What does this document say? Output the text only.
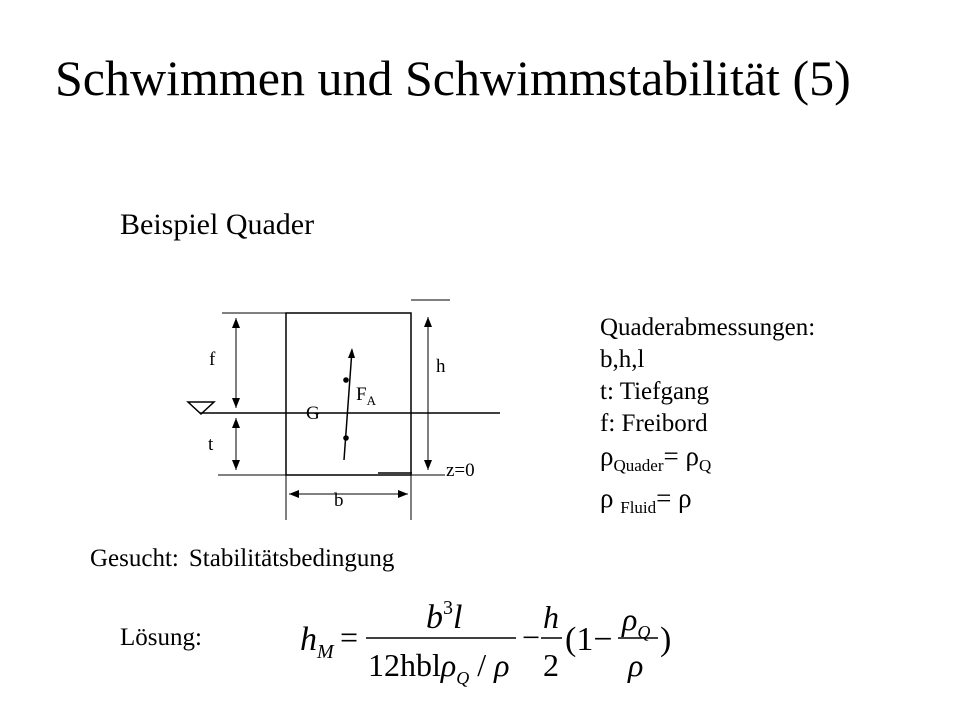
Schwimmen und Schwimmstabilität (5)
Beispiel Quader
f
t
h
b
G
$F_A$
z=0
Quaderabmessungen:
b,h,l
t: Tiefgang
f: Freibord
$\rho_{Quader}= \rho_Q$
ρ $_{Fluid}$= ρ
Gesucht: Stabilitätsbedingung
Lösung:	$h_M$ =
$b^3l$
12hblρ$_Q$ / ρ
−
h
2
(1−
$\rho_Q$
ρ
)
